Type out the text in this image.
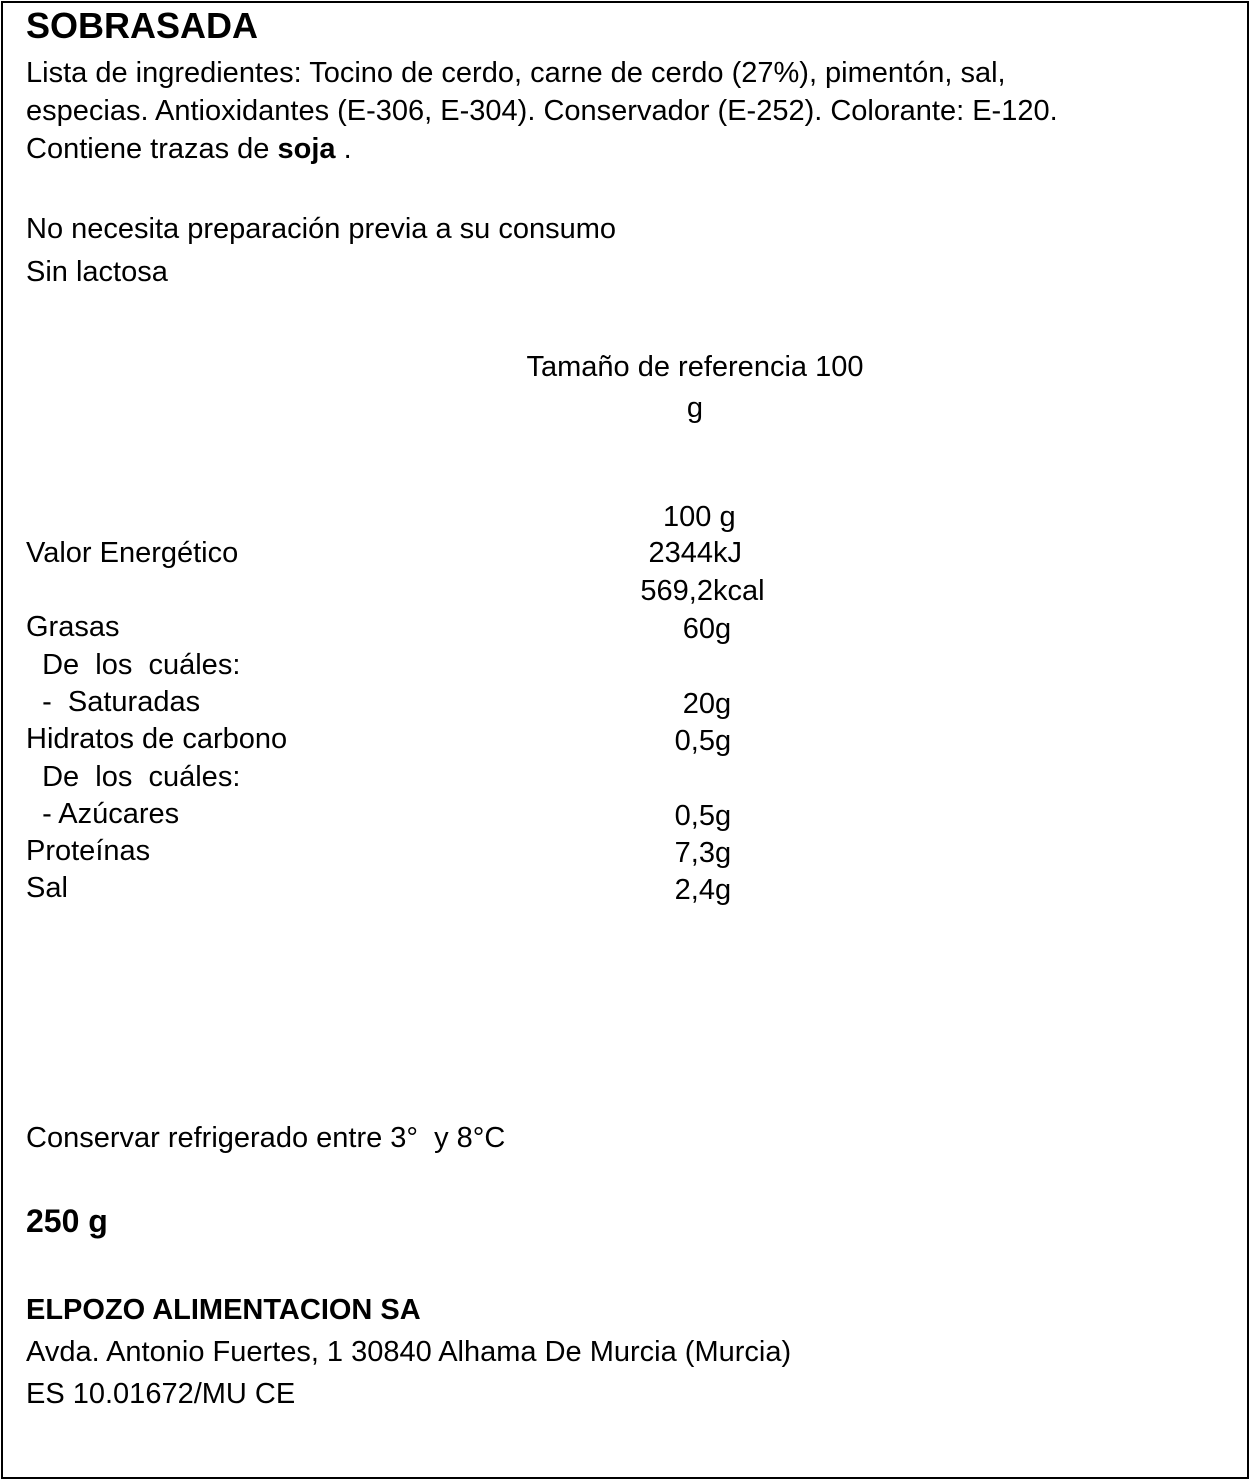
SOBRASADA
Lista de ingredientes: Tocino de cerdo, carne de cerdo (27%), pimentón, sal,
especias. Antioxidantes (E-306, E-304). Conservador (E-252). Colorante: E-120.
Contiene trazas de soja .
No necesita preparación previa a su consumo
Sin lactosa
Tamaño de referencia 100
g
100 g
Valor Energético	2344kJ
569,2kcal
Grasas	60g
De  los  cuáles:
-  Saturadas	20g
Hidratos de carbono	0,5g
De  los  cuáles:
- Azúcares	0,5g
Proteínas	7,3g
Sal	2,4g
Conservar refrigerado entre 3°  y 8°C
250 g
ELPOZO ALIMENTACION SA
Avda. Antonio Fuertes, 1 30840 Alhama De Murcia (Murcia)
ES 10.01672/MU CE
